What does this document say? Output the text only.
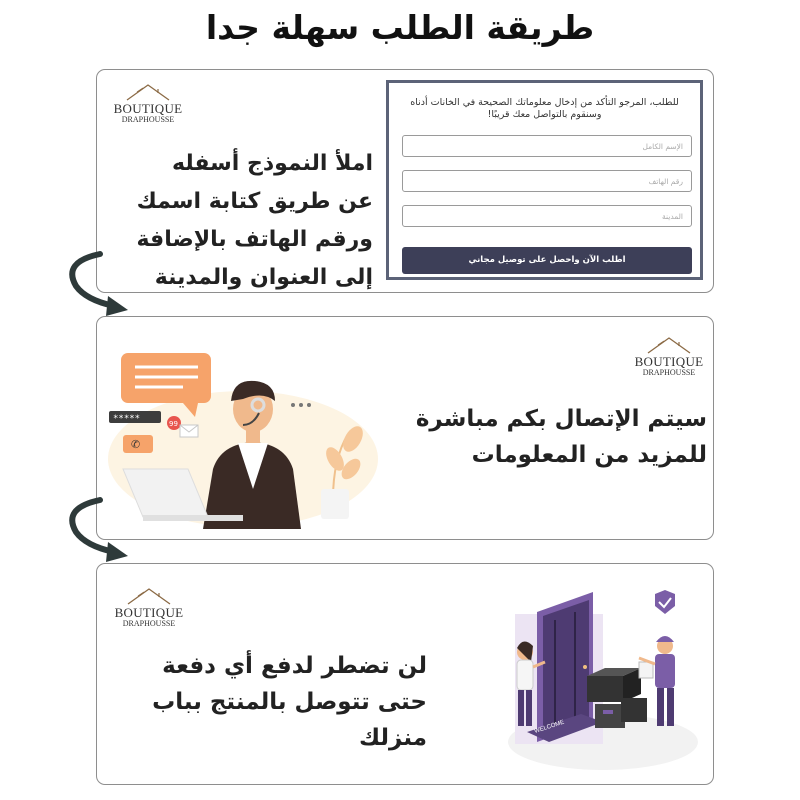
طريقة الطلب سهلة جدا
BOUTIQUE
DRAPHOUSSE
املأ النموذج أسفله
عن طريق كتابة اسمك
ورقم الهاتف بالإضافة
إلى العنوان والمدينة
للطلب، المرجو التأكد من إدخال معلوماتك الصحيحة في الخانات أدناه وسنقوم بالتواصل معك قريبًا!
الإسم الكامل
رقم الهاتف
المدينة
اطلب الآن واحصل على توصيل مجاني
BOUTIQUE
DRAPHOUSSE
*****
✆
99	سيتم الإتصال بكم مباشرة
للمزيد من المعلومات
BOUTIQUE
DRAPHOUSSE
لن تضطر لدفع أي دفعة
حتى تتوصل بالمنتج بباب
منزلك	WELCOME
